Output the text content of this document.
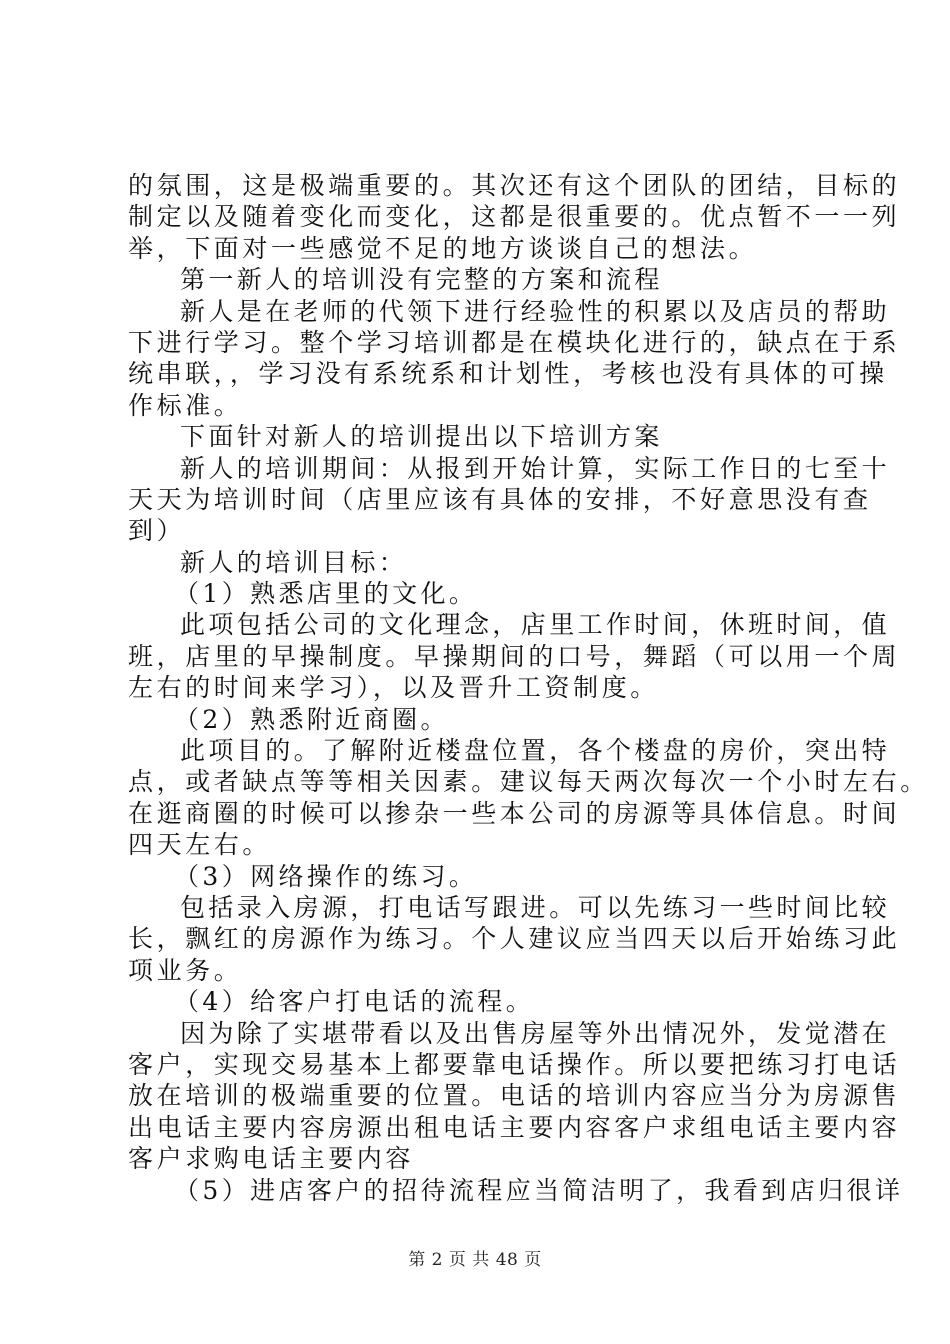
的氛围，这是极端重要的。其次还有这个团队的团结，目标的
制定以及随着变化而变化，这都是很重要的。优点暂不一一列
举，下面对一些感觉不足的地方谈谈自己的想法。
第一新人的培训没有完整的方案和流程
新人是在老师的代领下进行经验性的积累以及店员的帮助
下进行学习。整个学习培训都是在模块化进行的，缺点在于系
统串联，，学习没有系统系和计划性，考核也没有具体的可操
作标准。
下面针对新人的培训提出以下培训方案
新人的培训期间：从报到开始计算，实际工作日的七至十
天天为培训时间（店里应该有具体的安排，不好意思没有查
到）
新人的培训目标：
（1）熟悉店里的文化。
此项包括公司的文化理念，店里工作时间，休班时间，值
班，店里的早操制度。早操期间的口号，舞蹈（可以用一个周
左右的时间来学习），以及晋升工资制度。
（2）熟悉附近商圈。
此项目的。了解附近楼盘位置，各个楼盘的房价，突出特
点，或者缺点等等相关因素。建议每天两次每次一个小时左右。
在逛商圈的时候可以掺杂一些本公司的房源等具体信息。时间
四天左右。
（3）网络操作的练习。
包括录入房源，打电话写跟进。可以先练习一些时间比较
长，飘红的房源作为练习。个人建议应当四天以后开始练习此
项业务。
（4）给客户打电话的流程。
因为除了实堪带看以及出售房屋等外出情况外，发觉潜在
客户，实现交易基本上都要靠电话操作。所以要把练习打电话
放在培训的极端重要的位置。电话的培训内容应当分为房源售
出电话主要内容房源出租电话主要内容客户求组电话主要内容
客户求购电话主要内容
（5）进店客户的招待流程应当简洁明了，我看到店归很详
第 2 页 共 48 页
